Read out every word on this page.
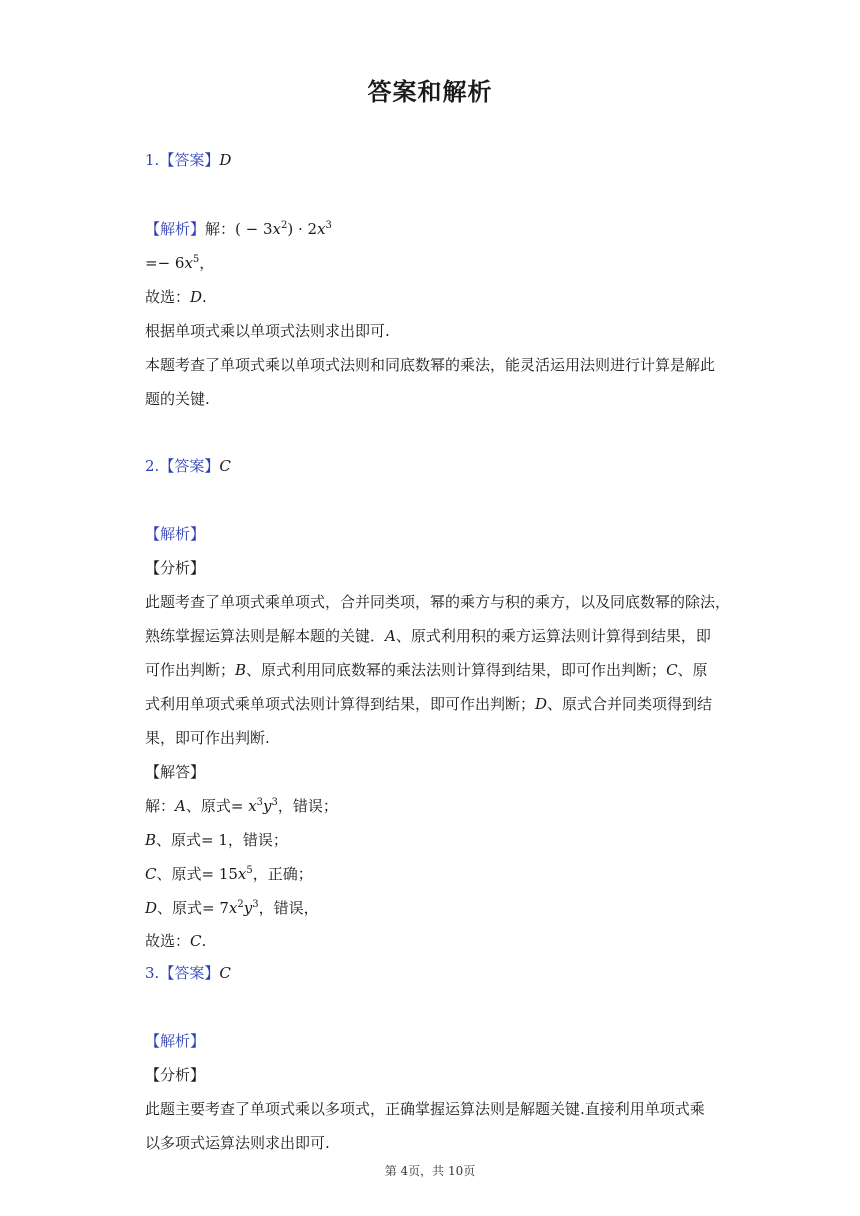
答案和解析
1.【答案】D
【解析】解：( − $3x^2) \cdot 2x^3$
=− $6x^5$，
故选：D.
根据单项式乘以单项式法则求出即可.
本题考查了单项式乘以单项式法则和同底数幂的乘法，能灵活运用法则进行计算是解此
题的关键.
2.【答案】C
【解析】
【分析】
此题考查了单项式乘单项式，合并同类项，幂的乘方与积的乘方，以及同底数幂的除法，
熟练掌握运算法则是解本题的关键．A、原式利用积的乘方运算法则计算得到结果，即
可作出判断；B、原式利用同底数幂的乘法法则计算得到结果，即可作出判断；C、原
式利用单项式乘单项式法则计算得到结果，即可作出判断；D、原式合并同类项得到结
果，即可作出判断.
【解答】
解：A、原式= $x^3y^3$，错误；
B、原式= 1，错误；
C、原式= $15x^5$，正确；
D、原式= $7x^2y^3$，错误，
故选：C.
3.【答案】C
【解析】
【分析】
此题主要考查了单项式乘以多项式，正确掌握运算法则是解题关键.直接利用单项式乘
以多项式运算法则求出即可.
第 4页，共 10页
